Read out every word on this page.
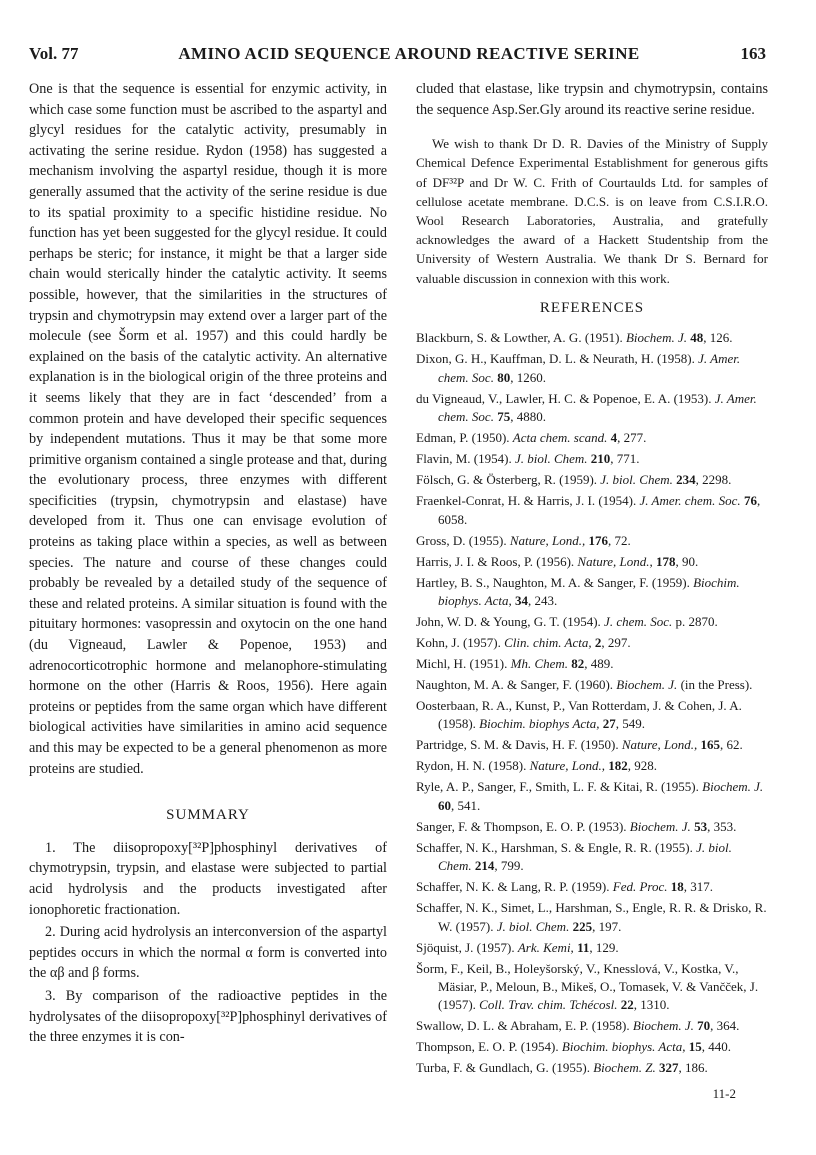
Vol. 77	AMINO ACID SEQUENCE AROUND REACTIVE SERINE	163

One is that the sequence is essential for enzymic activity, in which case some function must be ascribed to the aspartyl and glycyl residues for the catalytic activity, presumably in activating the serine residue. Rydon (1958) has suggested a mechanism involving the aspartyl residue, though it is more generally assumed that the activity of the serine residue is due to its spatial proximity to a specific histidine residue. No function has yet been suggested for the glycyl residue. It could perhaps be steric; for instance, it might be that a larger side chain would sterically hinder the catalytic activity. It seems possible, however, that the similarities in the structures of trypsin and chymotrypsin may extend over a larger part of the molecule (see Šorm et al. 1957) and this could hardly be explained on the basis of the catalytic activity. An alternative explanation is in the biological origin of the three proteins and it seems likely that they are in fact ‘descended’ from a common protein and have developed their specific sequences by independent mutations. Thus it may be that some more primitive organism contained a single protease and that, during the evolutionary process, three enzymes with different specificities (trypsin, chymotrypsin and elastase) have developed from it. Thus one can envisage evolution of proteins as taking place within a species, as well as between species. The nature and course of these changes could probably be revealed by a detailed study of the sequence of these and related proteins. A similar situation is found with the pituitary hormones: vasopressin and oxytocin on the one hand (du Vigneaud, Lawler & Popenoe, 1953) and adrenocorticotrophic hormone and melanophore-stimulating hormone on the other (Harris & Roos, 1956). Here again proteins or peptides from the same organ which have different biological activities have similarities in amino acid sequence and this may be expected to be a general phenomenon as more proteins are studied.

SUMMARY

1. The diisopropoxy[³²P]phosphinyl derivatives of chymotrypsin, trypsin, and elastase were subjected to partial acid hydrolysis and the products investigated after ionophoretic fractionation.

2. During acid hydrolysis an interconversion of the aspartyl peptides occurs in which the normal α form is converted into the αβ and β forms.

3. By comparison of the radioactive peptides in the hydrolysates of the diisopropoxy[³²P]phosphinyl derivatives of the three enzymes it is con-

cluded that elastase, like trypsin and chymotrypsin, contains the sequence Asp.Ser.Gly around its reactive serine residue.

We wish to thank Dr D. R. Davies of the Ministry of Supply Chemical Defence Experimental Establishment for generous gifts of DF³²P and Dr W. C. Frith of Courtaulds Ltd. for samples of cellulose acetate membrane. D.C.S. is on leave from C.S.I.R.O. Wool Research Laboratories, Australia, and gratefully acknowledges the award of a Hackett Studentship from the University of Western Australia. We thank Dr S. Bernard for valuable discussion in connexion with this work.

REFERENCES

Blackburn, S. & Lowther, A. G. (1951). Biochem. J. 48, 126.

Dixon, G. H., Kauffman, D. L. & Neurath, H. (1958). J. Amer. chem. Soc. 80, 1260.

du Vigneaud, V., Lawler, H. C. & Popenoe, E. A. (1953). J. Amer. chem. Soc. 75, 4880.

Edman, P. (1950). Acta chem. scand. 4, 277.

Flavin, M. (1954). J. biol. Chem. 210, 771.

Fölsch, G. & Österberg, R. (1959). J. biol. Chem. 234, 2298.

Fraenkel-Conrat, H. & Harris, J. I. (1954). J. Amer. chem. Soc. 76, 6058.

Gross, D. (1955). Nature, Lond., 176, 72.

Harris, J. I. & Roos, P. (1956). Nature, Lond., 178, 90.

Hartley, B. S., Naughton, M. A. & Sanger, F. (1959). Biochim. biophys. Acta, 34, 243.

John, W. D. & Young, G. T. (1954). J. chem. Soc. p. 2870.

Kohn, J. (1957). Clin. chim. Acta, 2, 297.

Michl, H. (1951). Mh. Chem. 82, 489.

Naughton, M. A. & Sanger, F. (1960). Biochem. J. (in the Press).

Oosterbaan, R. A., Kunst, P., Van Rotterdam, J. & Cohen, J. A. (1958). Biochim. biophys Acta, 27, 549.

Partridge, S. M. & Davis, H. F. (1950). Nature, Lond., 165, 62.

Rydon, H. N. (1958). Nature, Lond., 182, 928.

Ryle, A. P., Sanger, F., Smith, L. F. & Kitai, R. (1955). Biochem. J. 60, 541.

Sanger, F. & Thompson, E. O. P. (1953). Biochem. J. 53, 353.

Schaffer, N. K., Harshman, S. & Engle, R. R. (1955). J. biol. Chem. 214, 799.

Schaffer, N. K. & Lang, R. P. (1959). Fed. Proc. 18, 317.

Schaffer, N. K., Simet, L., Harshman, S., Engle, R. R. & Drisko, R. W. (1957). J. biol. Chem. 225, 197.

Sjöquist, J. (1957). Ark. Kemi, 11, 129.

Šorm, F., Keil, B., Holeyšorský, V., Knesslová, V., Kostka, V., Mäsiar, P., Meloun, B., Mikeš, O., Tomasek, V. & Vančček, J. (1957). Coll. Trav. chim. Tchécosl. 22, 1310.

Swallow, D. L. & Abraham, E. P. (1958). Biochem. J. 70, 364.

Thompson, E. O. P. (1954). Biochim. biophys. Acta, 15, 440.

Turba, F. & Gundlach, G. (1955). Biochem. Z. 327, 186.

11-2
